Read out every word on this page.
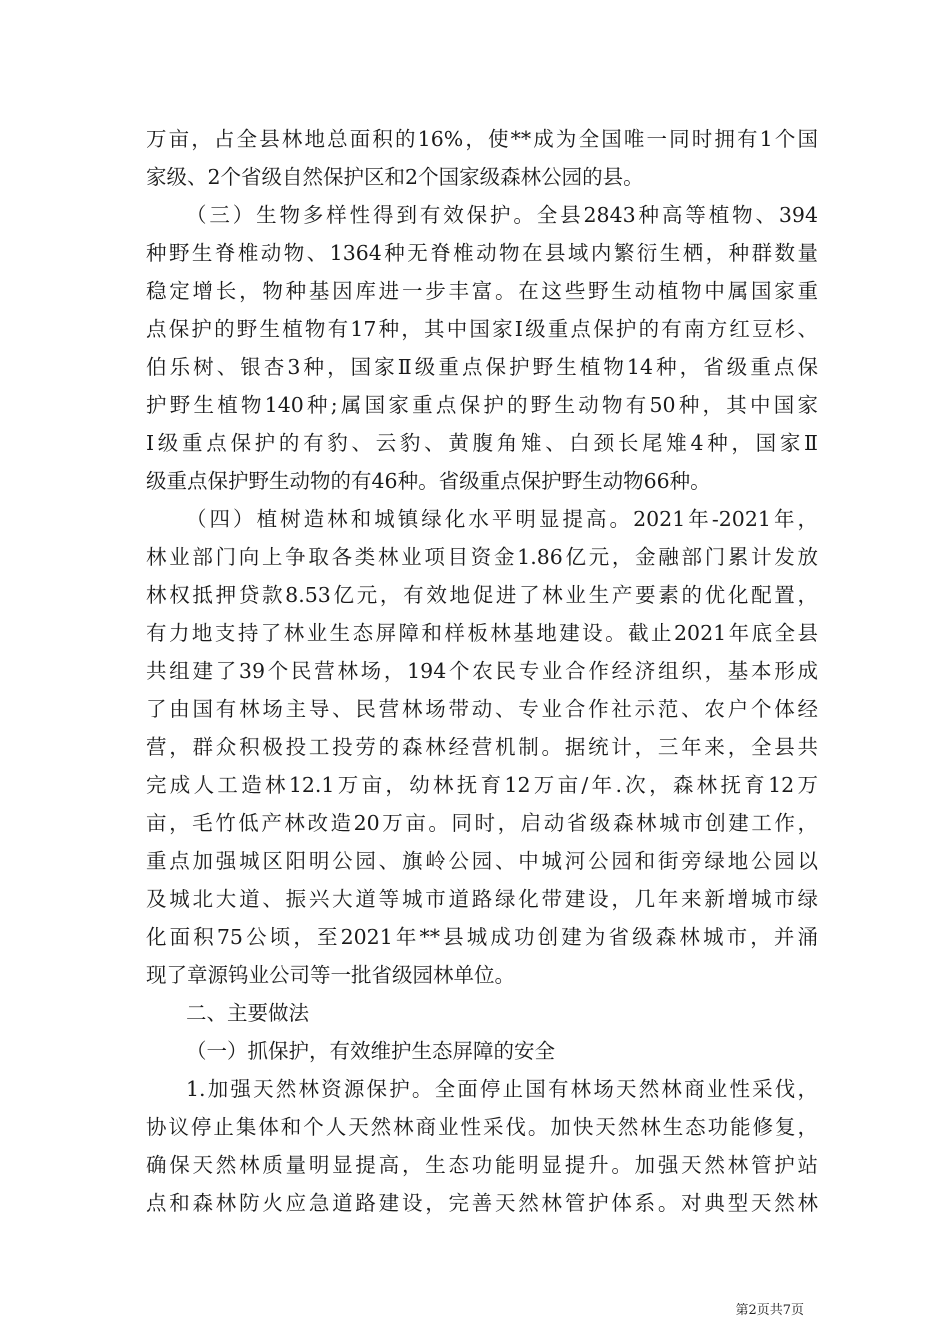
万亩，占全县林地总面积的16%，使**成为全国唯一同时拥有1个国
家级、2个省级自然保护区和2个国家级森林公园的县。
（三）生物多样性得到有效保护。全县2843种高等植物、394
种野生脊椎动物、1364种无脊椎动物在县域内繁衍生栖，种群数量
稳定增长，物种基因库进一步丰富。在这些野生动植物中属国家重
点保护的野生植物有17种，其中国家Ⅰ级重点保护的有南方红豆杉、
伯乐树、银杏3种，国家Ⅱ级重点保护野生植物14种，省级重点保
护野生植物140种;属国家重点保护的野生动物有50种，其中国家
Ⅰ级重点保护的有豹、云豹、黄腹角雉、白颈长尾雉4种，国家Ⅱ
级重点保护野生动物的有46种。省级重点保护野生动物66种。
（四）植树造林和城镇绿化水平明显提高。2021年-2021年，
林业部门向上争取各类林业项目资金1.86亿元，金融部门累计发放
林权抵押贷款8.53亿元，有效地促进了林业生产要素的优化配置，
有力地支持了林业生态屏障和样板林基地建设。截止2021年底全县
共组建了39个民营林场，194个农民专业合作经济组织，基本形成
了由国有林场主导、民营林场带动、专业合作社示范、农户个体经
营，群众积极投工投劳的森林经营机制。据统计，三年来，全县共
完成人工造林12.1万亩，幼林抚育12万亩/年.次，森林抚育12万
亩，毛竹低产林改造20万亩。同时，启动省级森林城市创建工作，
重点加强城区阳明公园、旗岭公园、中城河公园和街旁绿地公园以
及城北大道、振兴大道等城市道路绿化带建设，几年来新增城市绿
化面积75公顷，至2021年**县城成功创建为省级森林城市，并涌
现了章源钨业公司等一批省级园林单位。
二、主要做法
（一）抓保护，有效维护生态屏障的安全
1.加强天然林资源保护。全面停止国有林场天然林商业性采伐，
协议停止集体和个人天然林商业性采伐。加快天然林生态功能修复，
确保天然林质量明显提高，生态功能明显提升。加强天然林管护站
点和森林防火应急道路建设，完善天然林管护体系。对典型天然林
第2页共7页
